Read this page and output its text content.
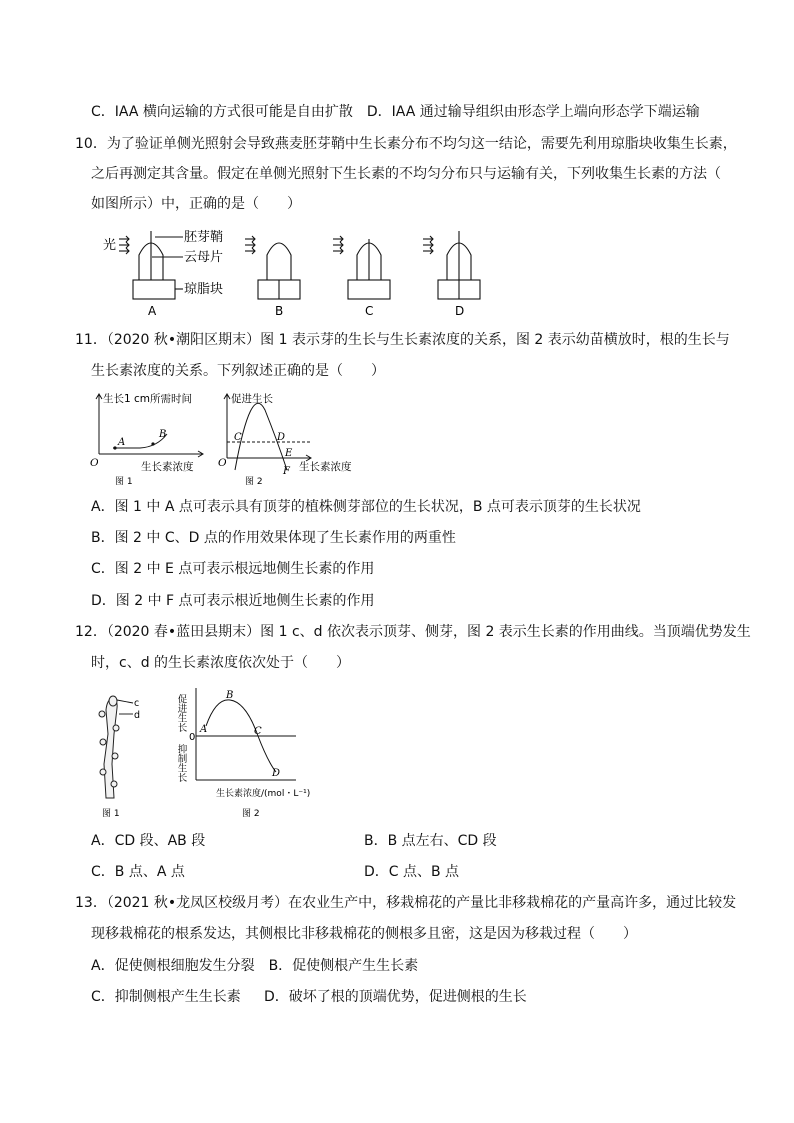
C．IAA 横向运输的方式很可能是自由扩散　D．IAA 通过输导组织由形态学上端向形态学下端运输
10．为了验证单侧光照射会导致燕麦胚芽鞘中生长素分布不均匀这一结论，需要先利用琼脂块收集生长素，
之后再测定其含量。假定在单侧光照射下生长素的不均匀分布只与运输有关，下列收集生长素的方法（
如图所示）中，正确的是（　　）
光
胚芽鞘
云母片
琼脂块
A	B	C	D
11．（2020 秋•潮阳区期末）图 1 表示芽的生长与生长素浓度的关系，图 2 表示幼苗横放时，根的生长与
生长素浓度的关系。下列叙述正确的是（　　）
生长1 cm所需时间
O
A
B
生长素浓度
图 1
促进生长
O
C	D
E
F 生长素浓度
图 2
A．图 1 中 A 点可表示具有顶芽的植株侧芽部位的生长状况，B 点可表示顶芽的生长状况
B．图 2 中 C、D 点的作用效果体现了生长素作用的两重性
C．图 2 中 E 点可表示根远地侧生长素的作用
D．图 2 中 F 点可表示根近地侧生长素的作用
12．（2020 春•蓝田县期末）图 1 c、d 依次表示顶芽、侧芽，图 2 表示生长素的作用曲线。当顶端优势发生
时，c、d 的生长素浓度依次处于（　　）
c
d
图 1
促进生长
抑制生长
0
A
B
C
D
生长素浓度/(mol・L⁻¹)
图 2
A．CD 段、AB 段	B．B 点左右、CD 段
C．B 点、A 点	D．C 点、B 点
13．（2021 秋•龙凤区校级月考）在农业生产中，移栽棉花的产量比非移栽棉花的产量高许多，通过比较发
现移栽棉花的根系发达，其侧根比非移栽棉花的侧根多且密，这是因为移栽过程（　　）
A．促使侧根细胞发生分裂　B．促使侧根产生生长素
C．抑制侧根产生生长素 D．破坏了根的顶端优势，促进侧根的生长
